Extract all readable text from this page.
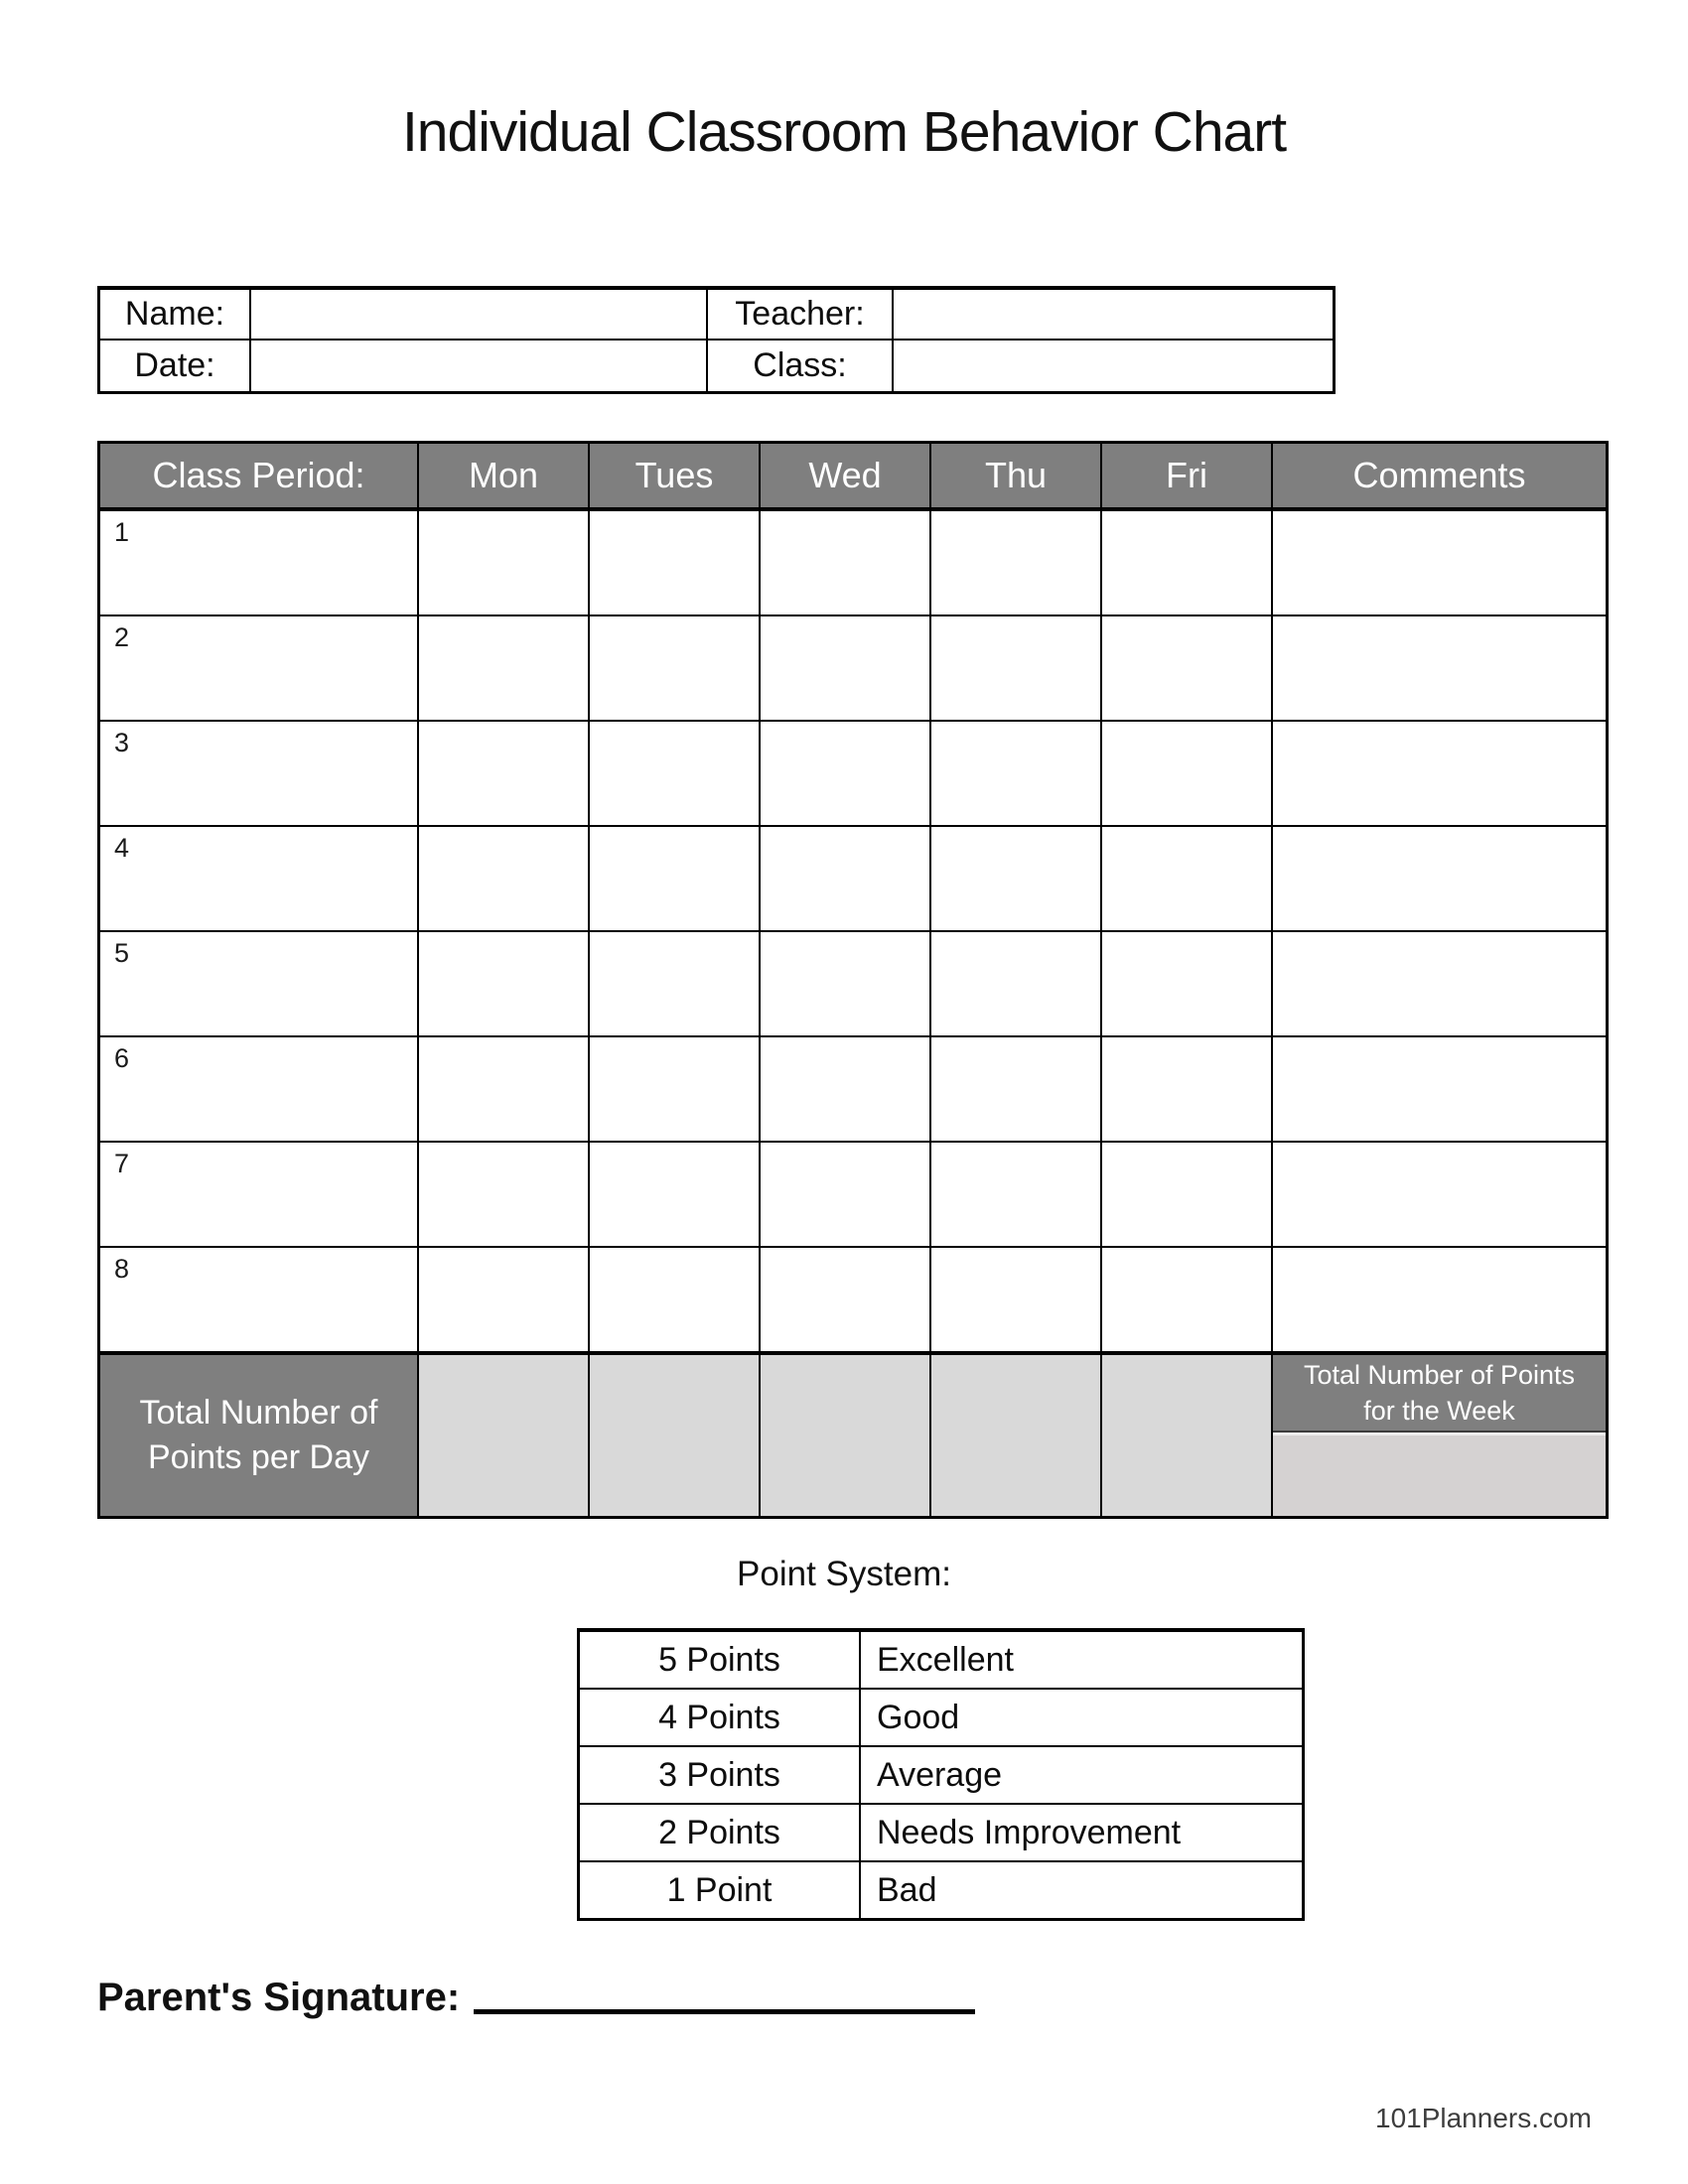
Individual Classroom Behavior Chart
Name:	Teacher:
Date:	Class:
Class Period:	Mon	Tues	Wed	Thu	Fri	Comments
1
2
3
4
5
6
7
8
Total Number of Points per Day
Total Number of Points for the Week
Point System:
5 Points	Excellent
4 Points	Good
3 Points	Average
2 Points	Needs Improvement
1 Point	Bad
Parent's Signature:
101Planners.com
